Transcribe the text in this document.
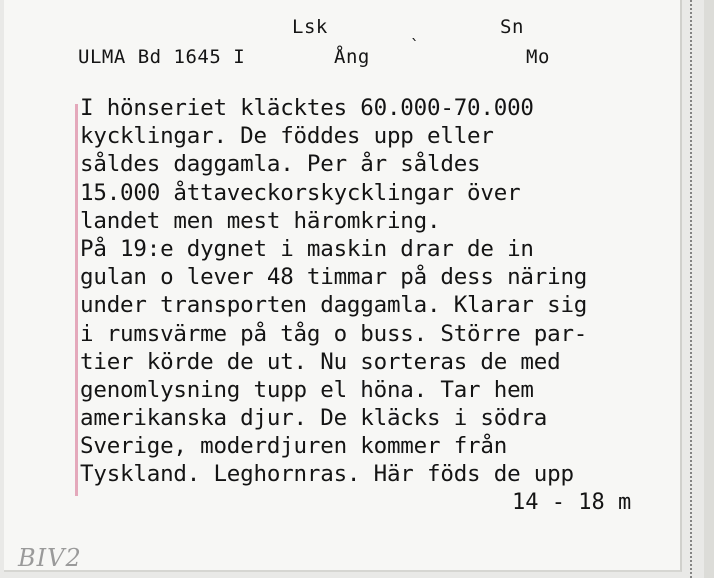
Lsk	Sn
ULMA Bd 1645 I	Ång
`
Mo
I hönseriet kläcktes 60.000-70.000
kycklingar. De föddes upp eller
såldes daggamla. Per år såldes
15.000 åttaveckorskycklingar över
landet men mest häromkring.
På 19:e dygnet i maskin drar de in
gulan o lever 48 timmar på dess näring
under transporten daggamla. Klarar sig
i rumsvärme på tåg o buss. Större par-
tier körde de ut. Nu sorteras de med
genomlysning tupp el höna. Tar hem
amerikanska djur. De kläcks i södra
Sverige, moderdjuren kommer från
Tyskland. Leghornras. Här föds de upp
14 - 18 m
BIV2
